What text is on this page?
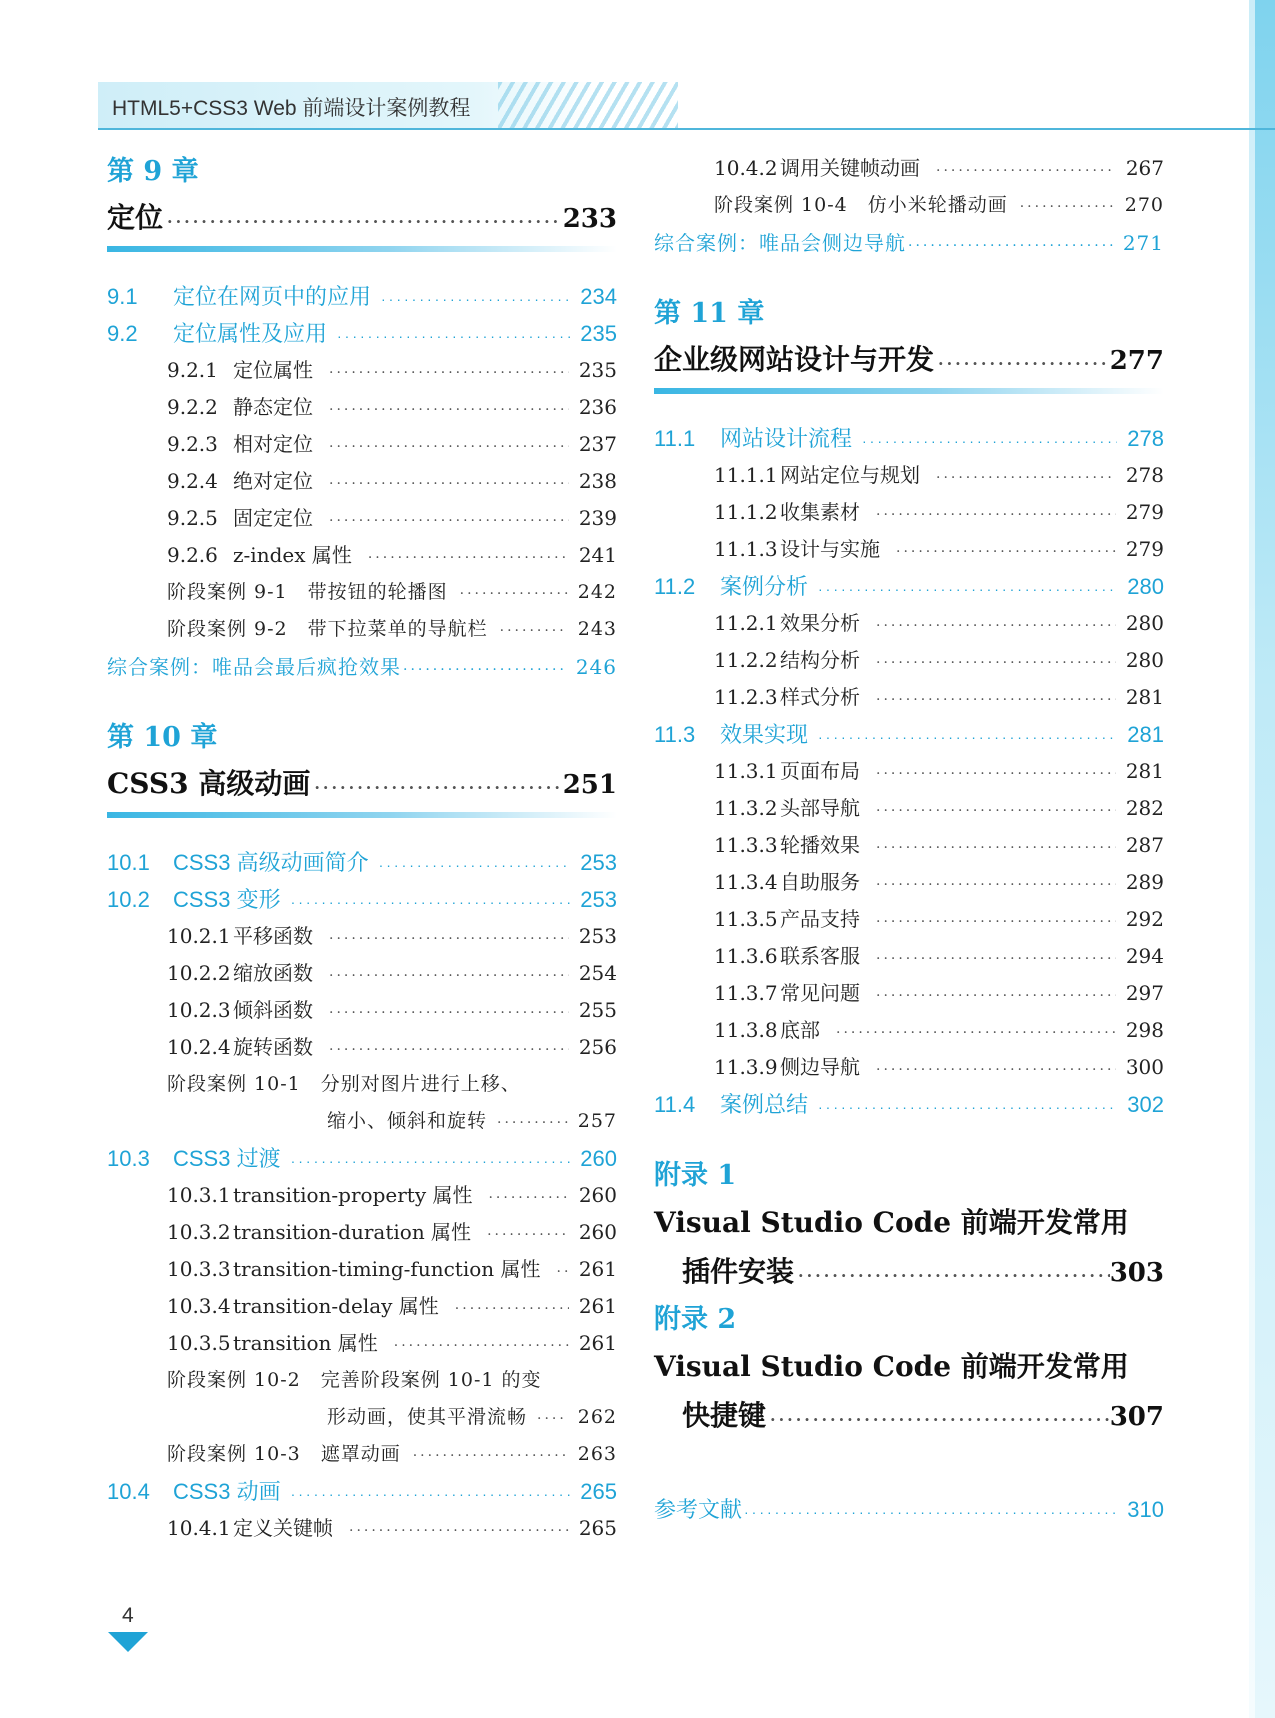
HTML5+CSS3 Web 前端设计案例教程
第 9 章
定位 ·····	233
9.1 定位在网页中的应用 ·····	234
9.2 定位属性及应用 ·····	235
9.2.1 定位属性 ·····	235
9.2.2 静态定位 ·····	236
9.2.3 相对定位 ·····	237
9.2.4 绝对定位 ·····	238
9.2.5 固定定位 ·····	239
9.2.6 z-index 属性 ·····	241
阶段案例 9-1　带按钮的轮播图 ·····	242
阶段案例 9-2　带下拉菜单的导航栏 ·····	243
综合案例：唯品会最后疯抢效果 ·····	246
第 10 章
CSS3 高级动画 ·····	251
10.1 CSS3 高级动画简介 ·····	253
10.2 CSS3 变形 ·····	253
10.2.1 平移函数 ·····	253
10.2.2 缩放函数 ·····	254
10.2.3 倾斜函数 ·····	255
10.2.4 旋转函数 ·····	256
阶段案例 10-1　分别对图片进行上移、
缩小、倾斜和旋转 ·····	257
10.3 CSS3 过渡 ·····	260
10.3.1 transition-property 属性 ·····	260
10.3.2 transition-duration 属性 ·····	260
10.3.3 transition-timing-function 属性 ····· 261
10.3.4 transition-delay 属性 ·····	261
10.3.5 transition 属性 ·····	261
阶段案例 10-2　完善阶段案例 10-1 的变
形动画，使其平滑流畅 ·····	262
阶段案例 10-3　遮罩动画 ·····	263
10.4 CSS3 动画 ·····	265
10.4.1 定义关键帧 ·····	265
10.4.2 调用关键帧动画 ·····	267
阶段案例 10-4　仿小米轮播动画 ·····	270
综合案例：唯品会侧边导航 ·····	271
第 11 章
企业级网站设计与开发 ·····	277
11.1 网站设计流程 ·····	278
11.1.1 网站定位与规划 ·····	278
11.1.2 收集素材 ·····	279
11.1.3 设计与实施 ·····	279
11.2 案例分析 ·····	280
11.2.1 效果分析 ·····	280
11.2.2 结构分析 ·····	280
11.2.3 样式分析 ·····	281
11.3 效果实现 ·····	281
11.3.1 页面布局 ·····	281
11.3.2 头部导航 ·····	282
11.3.3 轮播效果 ·····	287
11.3.4 自助服务 ·····	289
11.3.5 产品支持 ·····	292
11.3.6 联系客服 ·····	294
11.3.7 常见问题 ·····	297
11.3.8 底部 ·····	298
11.3.9 侧边导航 ·····	300
11.4 案例总结 ·····	302
附录 1
Visual Studio Code 前端开发常用
插件安装 ·····	303
附录 2
Visual Studio Code 前端开发常用
快捷键 ·····	307
参考文献 ·····	310
4
